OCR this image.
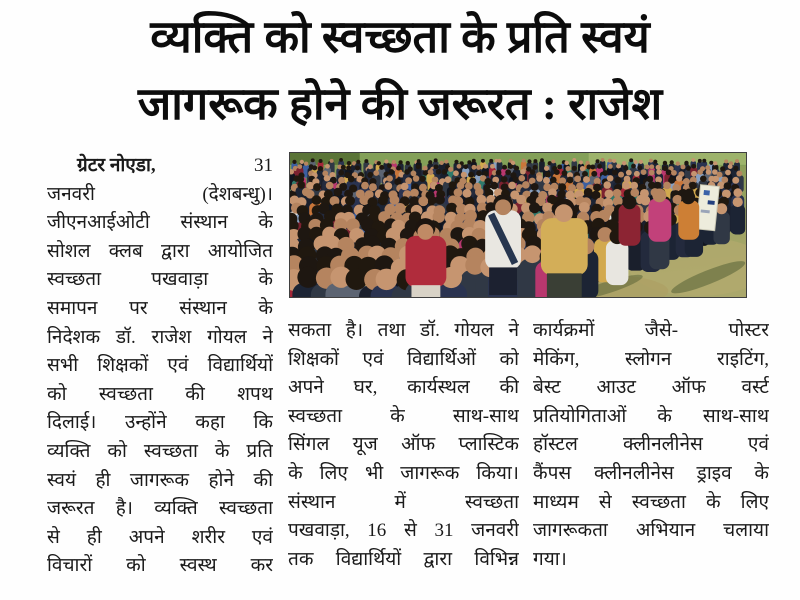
व्यक्ति को स्वच्छता के प्रति स्वयं
जागरूक होने की जरूरत : राजेश
ग्रेटर नोएडा,	31
जनवरी (देशबन्धु)।
जीएनआईओटी संस्थान के
सोशल क्लब द्वारा आयोजित
स्वच्छता पखवाड़ा के
समापन पर संस्थान के
निदेशक डॉ. राजेश गोयल ने
सभी शिक्षकों एवं विद्यार्थियों
को स्वच्छता की शपथ
दिलाई। उन्होंने कहा कि
व्यक्ति को स्वच्छता के प्रति
स्वयं ही जागरूक होने की
जरूरत है। व्यक्ति स्वच्छता
से ही अपने शरीर एवं
विचारों को स्वस्थ कर
सकता है। तथा डॉ. गोयल ने
शिक्षकों एवं विद्यार्थिओं को
अपने घर, कार्यस्थल की
स्वच्छता के साथ-साथ
सिंगल यूज ऑफ प्लास्टिक
के लिए भी जागरूक किया।
संस्थान में स्वच्छता
पखवाड़ा, 16 से 31 जनवरी
तक विद्यार्थियों द्वारा विभिन्न
कार्यक्रमों जैसे- पोस्टर
मेकिंग, स्लोगन राइटिंग,
बेस्ट आउट ऑफ वर्स्ट
प्रतियोगिताओं के साथ-साथ
हॉस्टल क्लीनलीनेस एवं
कैंपस क्लीनलीनेस ड्राइव के
माध्यम से स्वच्छता के लिए
जागरूकता अभियान चलाया
गया।
